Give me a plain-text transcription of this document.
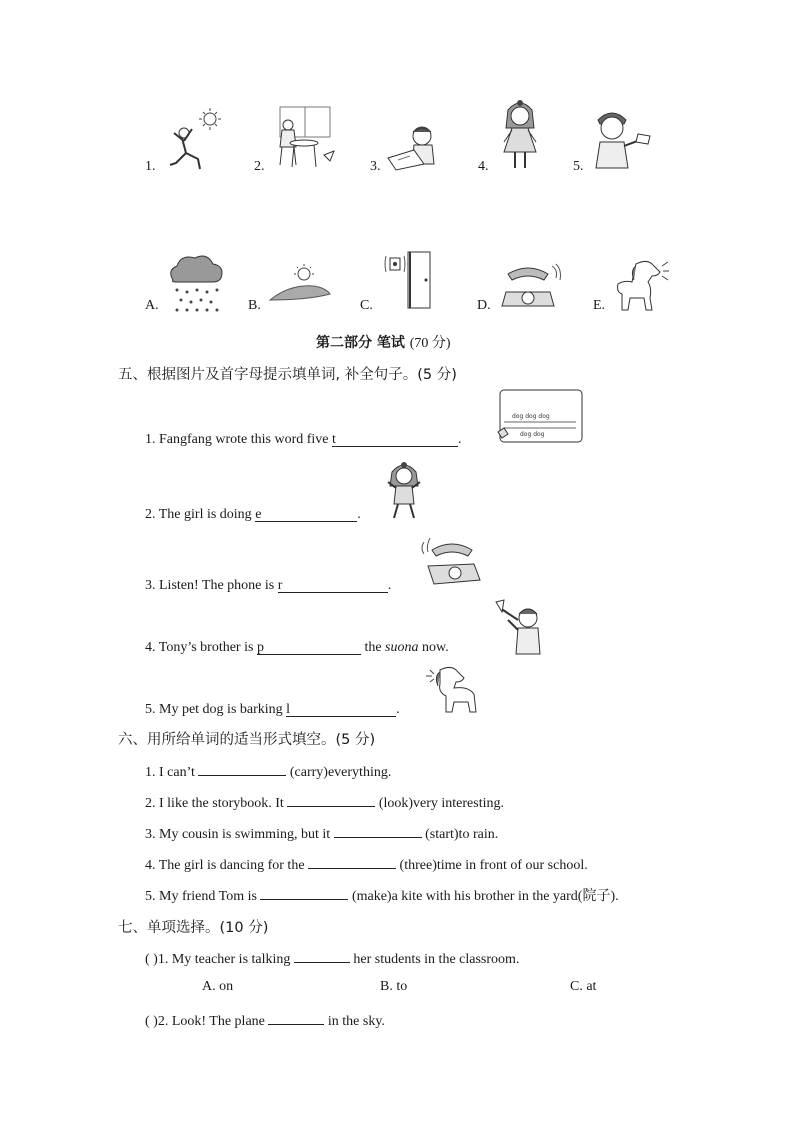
1.	2.	3.	4.	5.
A.	B.	C.	D.	E.
第二部分 笔试 (70 分)
五、根据图片及首字母提示填单词, 补全句子。(5 分)
1. Fangfang wrote this word five t	.
dog dog dog
dog dog
2. The girl is doing e	.
3. Listen! The phone is r	.
4. Tony’s brother is p	the suona now.
5. My pet dog is barking l	.
六、用所给单词的适当形式填空。(5 分)
1. I can’t	(carry)everything.
2. I like the storybook. It	(look)very interesting.
3. My cousin is swimming, but it	(start)to rain.
4. The girl is dancing for the	(three)time in front of our school.
5. My friend Tom is	(make)a kite with his brother in the yard(院子).
七、单项选择。(10 分)
( )1. My teacher is talking	her students in the classroom.
A. on	B. to	C. at
( )2. Look! The plane	in the sky.
